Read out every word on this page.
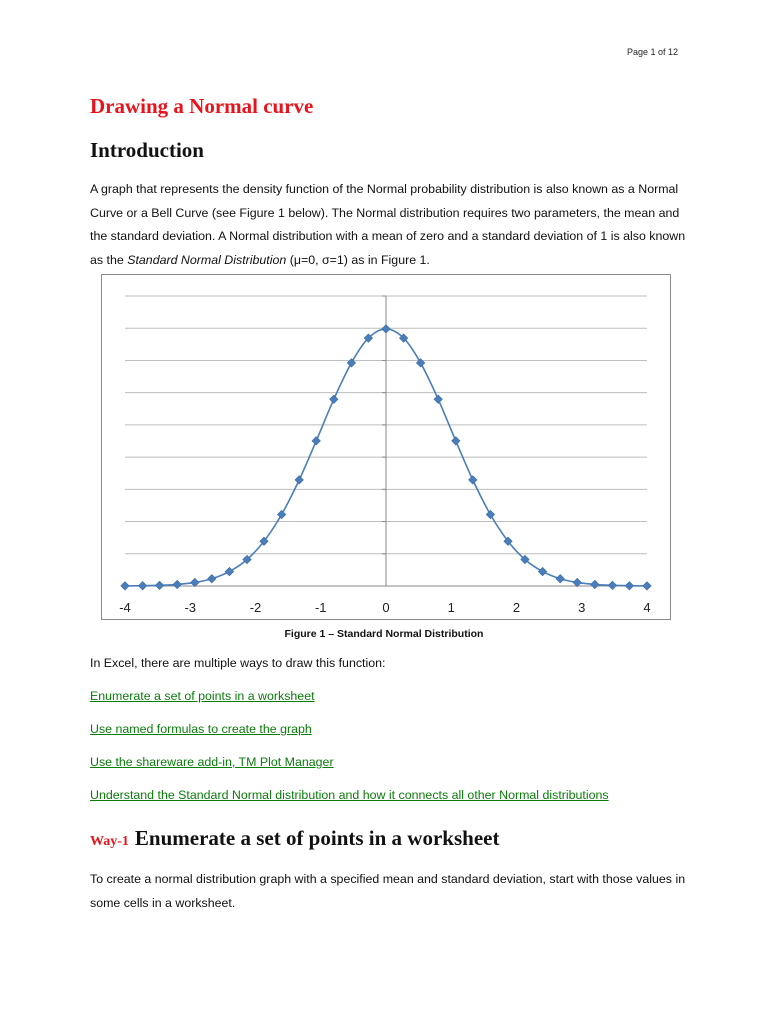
Page 1 of 12
Drawing a Normal curve
Introduction

A graph that represents the density function of the Normal probability distribution is also known as a Normal Curve or a Bell Curve (see Figure 1 below). The Normal distribution requires two parameters, the mean and the standard deviation. A Normal distribution with a mean of zero and a standard deviation of 1 is also known as the Standard Normal Distribution (μ=0, σ=1) as in Figure 1.

-4	-3	-2	-1	0	1	2	3	4
Figure 1 – Standard Normal Distribution

In Excel, there are multiple ways to draw this function:

Enumerate a set of points in a worksheet
Use named formulas to create the graph
Use the shareware add-in, TM Plot Manager
Understand the Standard Normal distribution and how it connects all other Normal distributions
Way-1 Enumerate a set of points in a worksheet

To create a normal distribution graph with a specified mean and standard deviation, start with those values in some cells in a worksheet.
